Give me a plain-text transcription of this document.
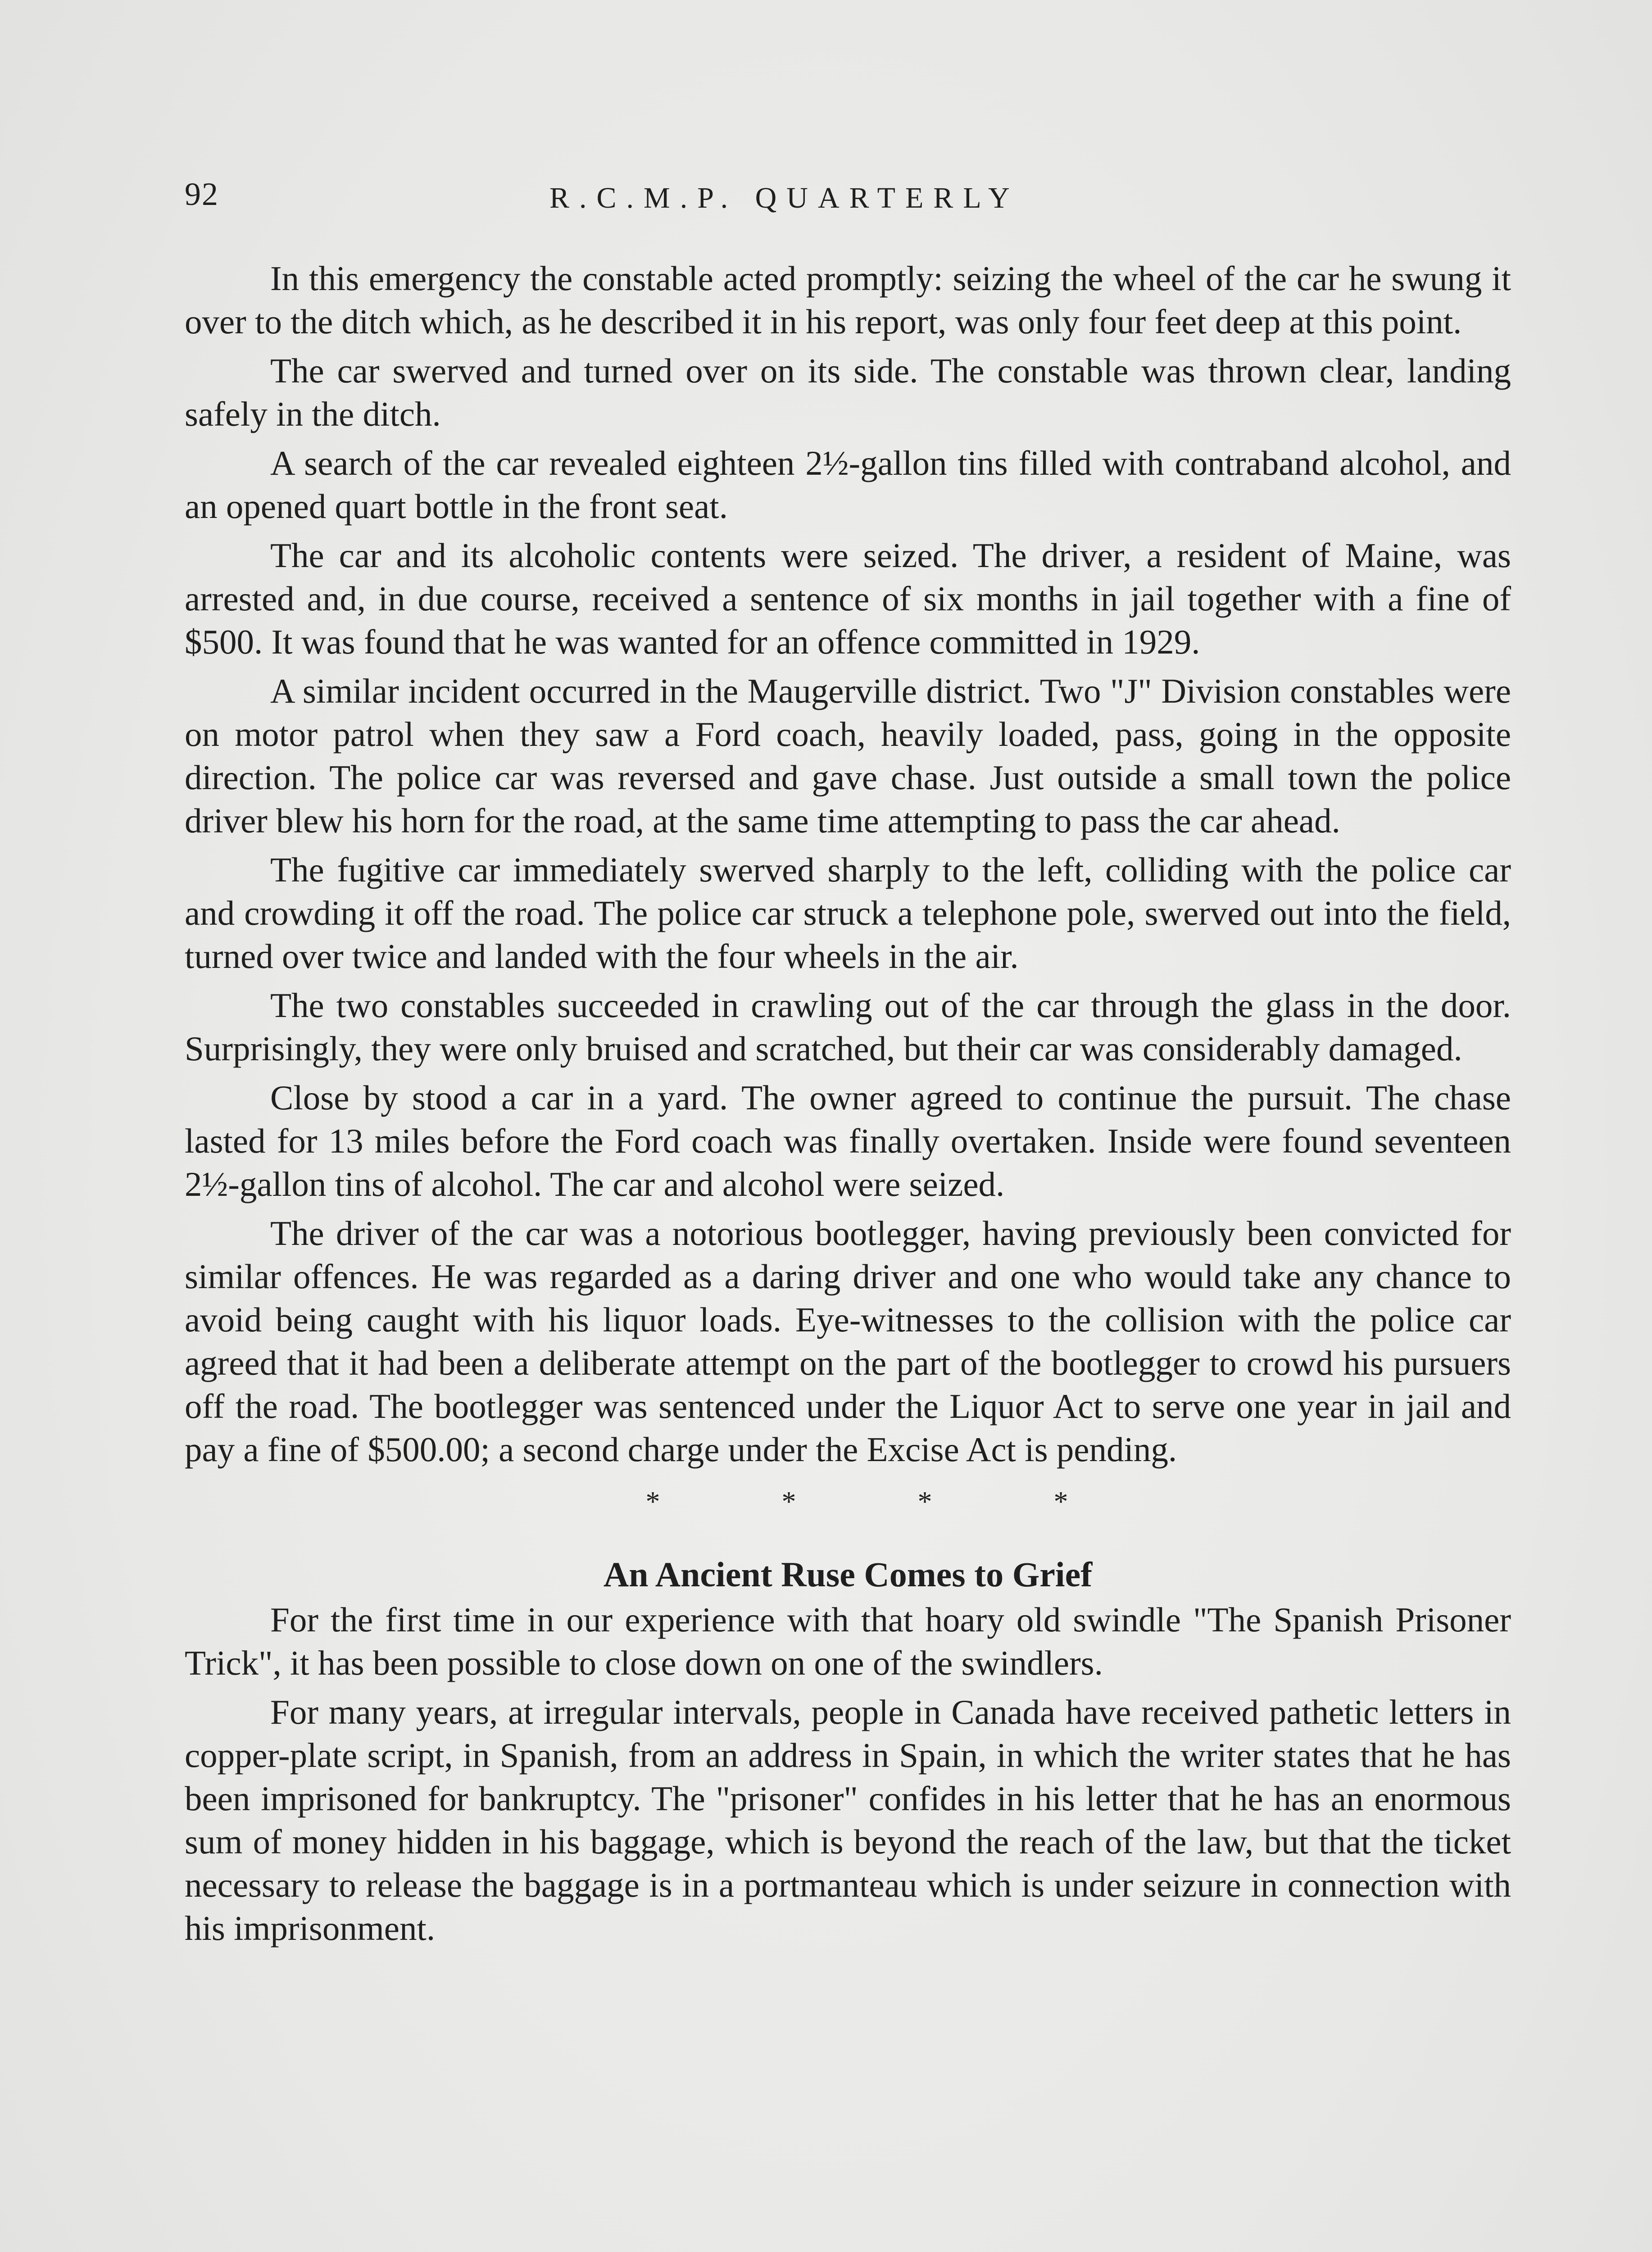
92	R.C.M.P. QUARTERLY

In this emergency the constable acted promptly: seizing the wheel of the car he swung it over to the ditch which, as he described it in his report, was only four feet deep at this point.

The car swerved and turned over on its side. The constable was thrown clear, landing safely in the ditch.

A search of the car revealed eighteen 2½-gallon tins filled with contraband alcohol, and an opened quart bottle in the front seat.

The car and its alcoholic contents were seized. The driver, a resident of Maine, was arrested and, in due course, received a sentence of six months in jail together with a fine of $500. It was found that he was wanted for an offence committed in 1929.

A similar incident occurred in the Maugerville district. Two "J" Division constables were on motor patrol when they saw a Ford coach, heavily loaded, pass, going in the opposite direction. The police car was reversed and gave chase. Just outside a small town the police driver blew his horn for the road, at the same time attempting to pass the car ahead.

The fugitive car immediately swerved sharply to the left, colliding with the police car and crowding it off the road. The police car struck a telephone pole, swerved out into the field, turned over twice and landed with the four wheels in the air.

The two constables succeeded in crawling out of the car through the glass in the door. Surprisingly, they were only bruised and scratched, but their car was considerably damaged.

Close by stood a car in a yard. The owner agreed to continue the pursuit. The chase lasted for 13 miles before the Ford coach was finally overtaken. Inside were found seventeen 2½-gallon tins of alcohol. The car and alcohol were seized.

The driver of the car was a notorious bootlegger, having previously been convicted for similar offences. He was regarded as a daring driver and one who would take any chance to avoid being caught with his liquor loads. Eye-witnesses to the collision with the police car agreed that it had been a deliberate attempt on the part of the bootlegger to crowd his pursuers off the road. The bootlegger was sentenced under the Liquor Act to serve one year in jail and pay a fine of $500.00; a second charge under the Excise Act is pending.

*	*	*	*
An Ancient Ruse Comes to Grief

For the first time in our experience with that hoary old swindle "The Spanish Prisoner Trick", it has been possible to close down on one of the swindlers.

For many years, at irregular intervals, people in Canada have received pathetic letters in copper-plate script, in Spanish, from an address in Spain, in which the writer states that he has been imprisoned for bankruptcy. The "prisoner" confides in his letter that he has an enormous sum of money hidden in his baggage, which is beyond the reach of the law, but that the ticket necessary to release the baggage is in a portmanteau which is under seizure in connection with his imprisonment.
